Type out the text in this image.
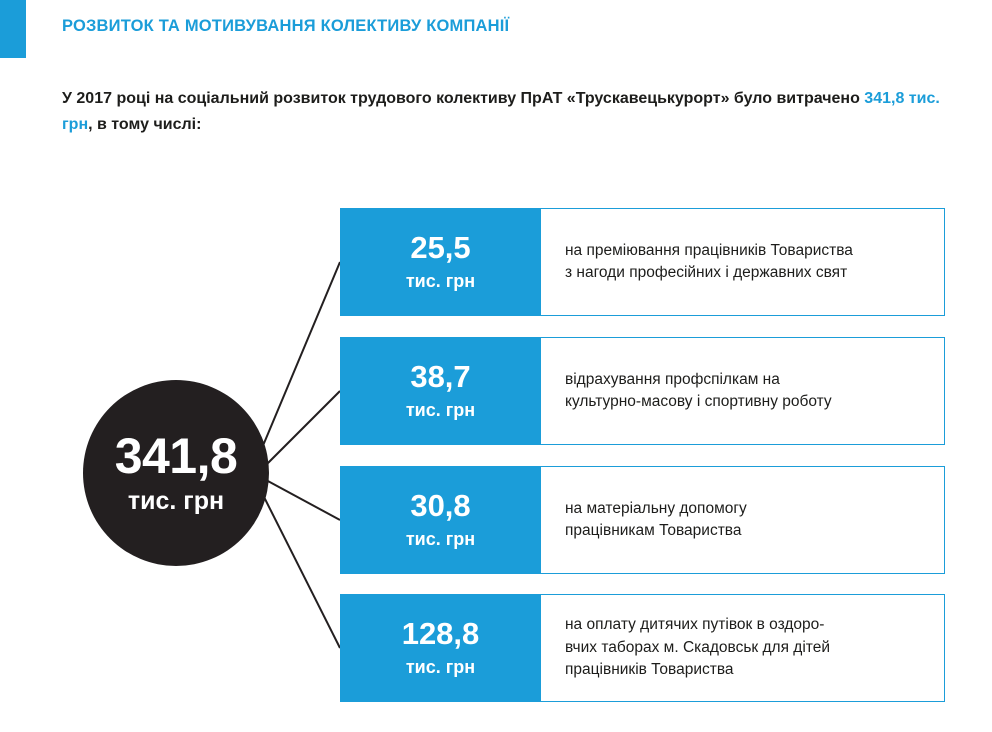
РОЗВИТОК ТА МОТИВУВАННЯ КОЛЕКТИВУ КОМПАНІЇ
У 2017 році на соціальний розвиток трудового колективу ПрАТ «Трускавецькурорт» було витрачено 341,8 тис. грн, в тому числі:
341,8
тис. грн
25,5
тис. грн
на преміювання працівників Товариства
з нагоди професійних і державних свят
38,7
тис. грн
відрахування профспілкам на
культурно-масову і спортивну роботу
30,8
тис. грн
на матеріальну допомогу
працівникам Товариства
128,8
тис. грн
на оплату дитячих путівок в оздоро-
вчих таборах м. Скадовськ для дітей
працівників Товариства
